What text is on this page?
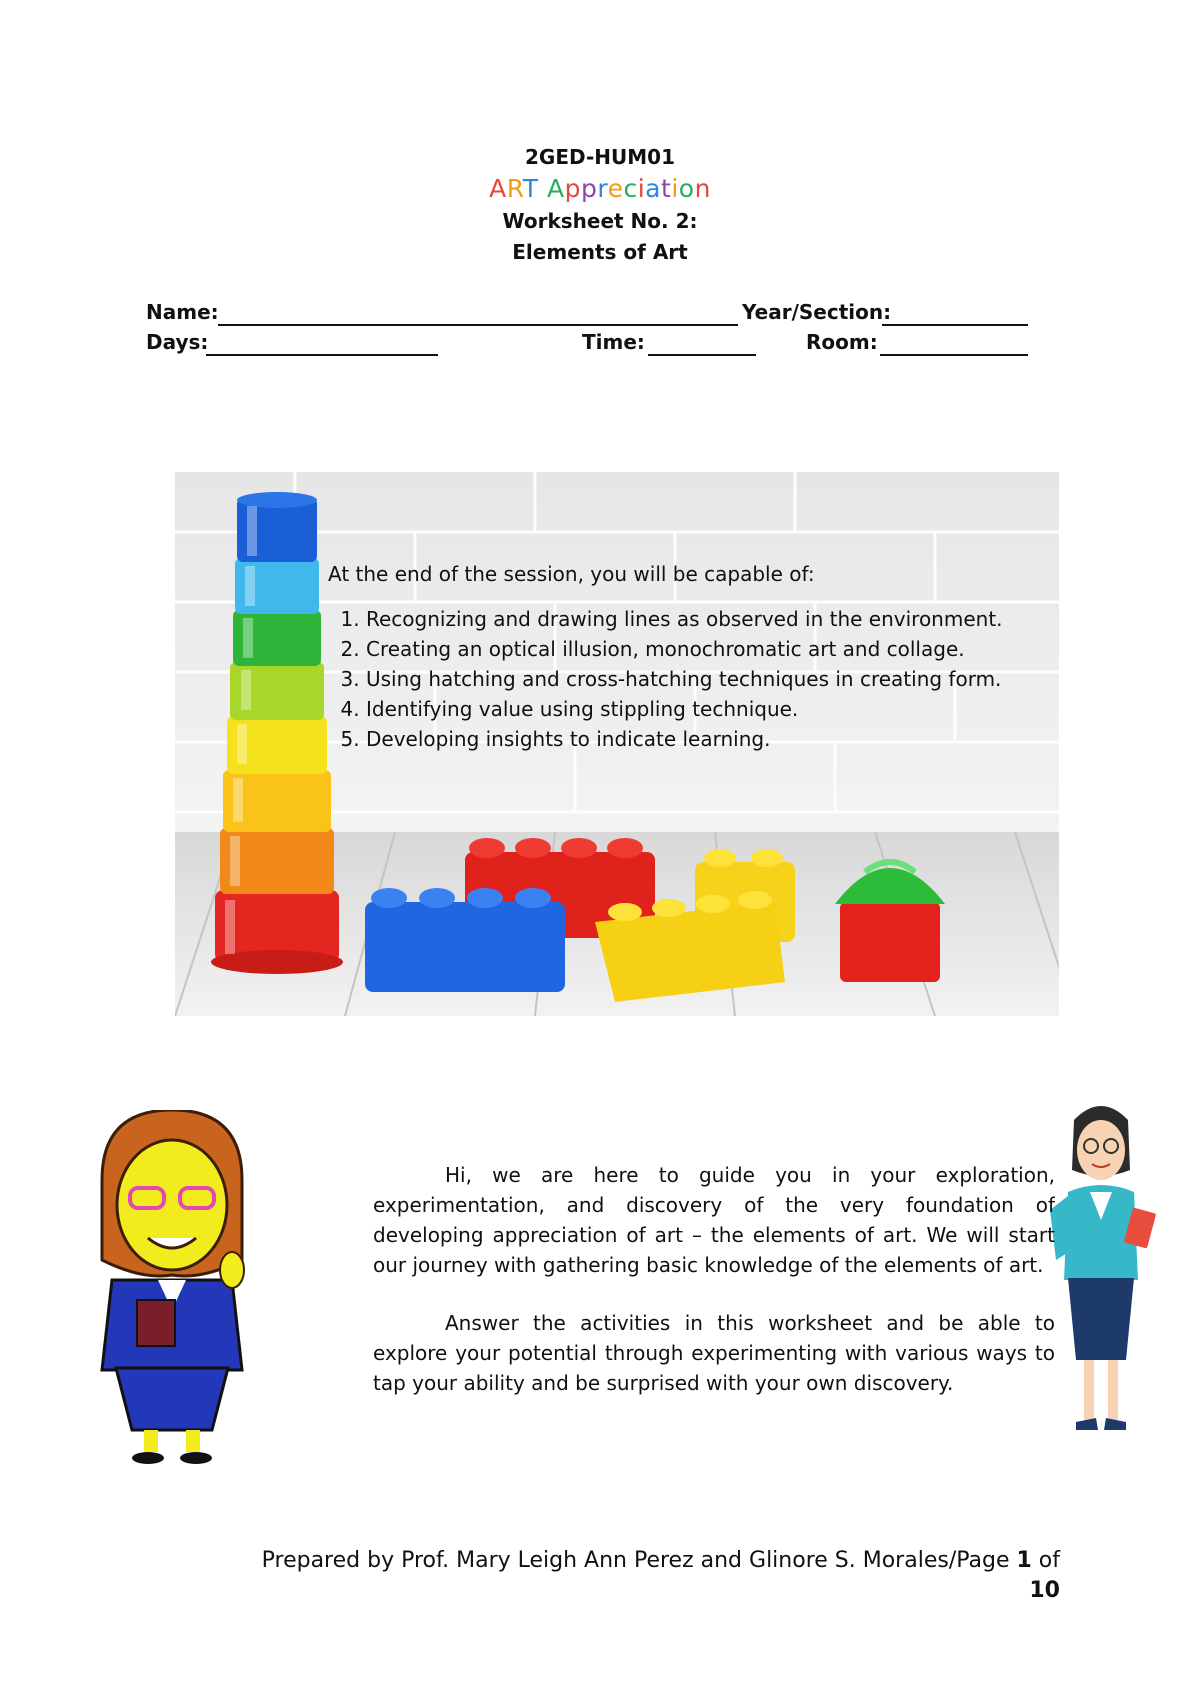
2GED-HUM01
ART Appreciation
Worksheet No. 2:
Elements of Art
Name:	Year/Section:
Days:	Time:	Room:

At the end of the session, you will be capable of:

1. Recognizing and drawing lines as observed in the environment.
2. Creating an optical illusion, monochromatic art and collage.
3. Using hatching and cross-hatching techniques in creating form.
4. Identifying value using stippling technique.
5. Developing insights to indicate learning.

Hi, we are here to guide you in your exploration, experimentation, and discovery of the very foundation of developing appreciation of art – the elements of art. We will start our journey with gathering basic knowledge of the elements of art.

Answer the activities in this worksheet and be able to explore your potential through experimenting with various ways to tap your ability and be surprised with your own discovery.

Prepared by Prof. Mary Leigh Ann Perez and Glinore S. Morales/Page 1 of
10
